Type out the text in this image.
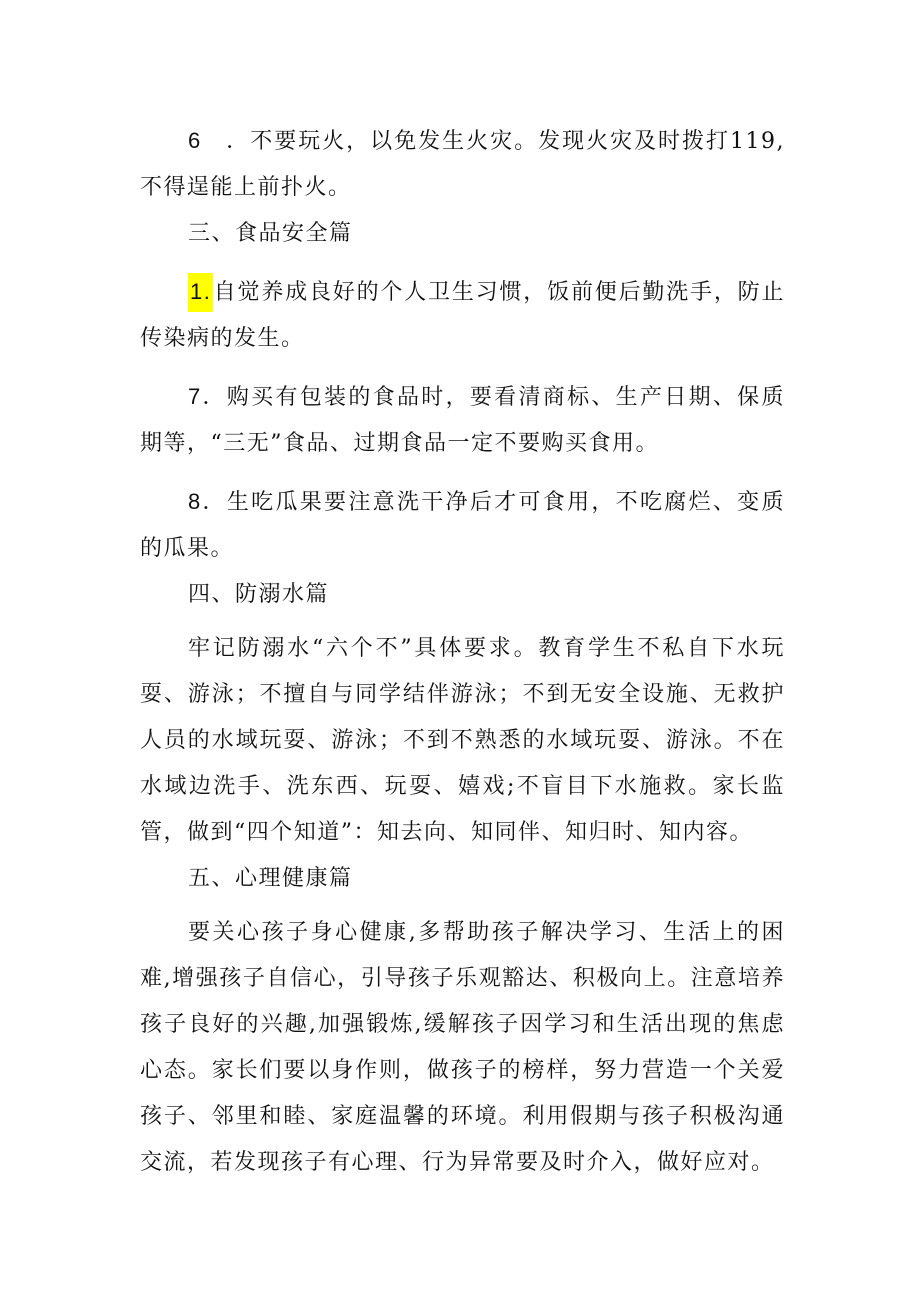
6 ．不要玩火，以免发生火灾。发现火灾及时拨打119,不得逞能上前扑火。

三、食品安全篇

1.自觉养成良好的个人卫生习惯，饭前便后勤洗手，防止传染病的发生。

7．购买有包装的食品时，要看清商标、生产日期、保质期等，“三无”食品、过期食品一定不要购买食用。

8．生吃瓜果要注意洗干净后才可食用，不吃腐烂、变质的瓜果。

四、防溺水篇

牢记防溺水“六个不”具体要求。教育学生不私自下水玩耍、游泳；不擅自与同学结伴游泳；不到无安全设施、无救护人员的水域玩耍、游泳；不到不熟悉的水域玩耍、游泳。不在水域边洗手、洗东西、玩耍、嬉戏;不盲目下水施救。家长监管，做到“四个知道”：知去向、知同伴、知归时、知内容。

五、心理健康篇

要关心孩子身心健康,多帮助孩子解决学习、生活上的困难,增强孩子自信心，引导孩子乐观豁达、积极向上。注意培养孩子良好的兴趣,加强锻炼,缓解孩子因学习和生活出现的焦虑心态。家长们要以身作则，做孩子的榜样，努力营造一个关爱孩子、邻里和睦、家庭温馨的环境。利用假期与孩子积极沟通交流，若发现孩子有心理、行为异常要及时介入，做好应对。
